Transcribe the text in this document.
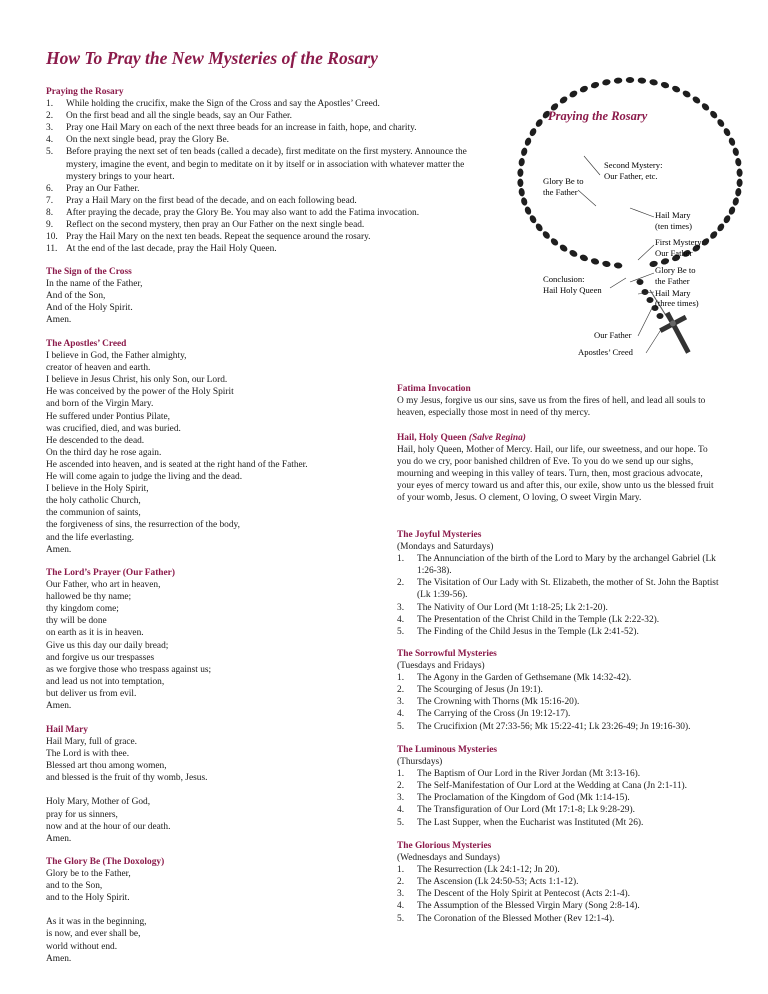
How To Pray the New Mysteries of the Rosary
Praying the Rosary
1. While holding the crucifix, make the Sign of the Cross and say the Apostles’ Creed.
2. On the first bead and all the single beads, say an Our Father.
3. Pray one Hail Mary on each of the next three beads for an increase in faith, hope, and charity.
4. On the next single bead, pray the Glory Be.
5. Before praying the next set of ten beads (called a decade), first meditate on the first mystery. Announce the mystery, imagine the event, and begin to meditate on it by itself or in association with whatever matter the mystery brings to your heart.
6. Pray an Our Father.
7. Pray a Hail Mary on the first bead of the decade, and on each following bead.
8. After praying the decade, pray the Glory Be. You may also want to add the Fatima invocation.
9. Reflect on the second mystery, then pray an Our Father on the next single bead.
10. Pray the Hail Mary on the next ten beads. Repeat the sequence around the rosary.
11. At the end of the last decade, pray the Hail Holy Queen.
Praying the Rosary
Second Mystery:
Our Father, etc.
Glory Be to
the Father
Hail Mary
(ten times)
First Mystery:
Our Father
Glory Be to
the Father
Hail Mary
(three times)
Conclusion:
Hail Holy Queen
Our Father
Apostles’ Creed
The Sign of the Cross
In the name of the Father,
And of the Son,
And of the Holy Spirit.
Amen.
The Apostles’ Creed
I believe in God, the Father almighty,
creator of heaven and earth.
I believe in Jesus Christ, his only Son, our Lord.
He was conceived by the power of the Holy Spirit
and born of the Virgin Mary.
He suffered under Pontius Pilate,
was crucified, died, and was buried.
He descended to the dead.
On the third day he rose again.
He ascended into heaven, and is seated at the right hand of the Father.
He will come again to judge the living and the dead.
I believe in the Holy Spirit,
the holy catholic Church,
the communion of saints,
the forgiveness of sins, the resurrection of the body,
and the life everlasting.
Amen.
The Lord’s Prayer (Our Father)
Our Father, who art in heaven,
hallowed be thy name;
thy kingdom come;
thy will be done
on earth as it is in heaven.
Give us this day our daily bread;
and forgive us our trespasses
as we forgive those who trespass against us;
and lead us not into temptation,
but deliver us from evil.
Amen.
Hail Mary
Hail Mary, full of grace.
The Lord is with thee.
Blessed art thou among women,
and blessed is the fruit of thy womb, Jesus.
Holy Mary, Mother of God,
pray for us sinners,
now and at the hour of our death.
Amen.
The Glory Be (The Doxology)
Glory be to the Father,
and to the Son,
and to the Holy Spirit.
As it was in the beginning,
is now, and ever shall be,
world without end.
Amen.
Fatima Invocation
O my Jesus, forgive us our sins, save us from the fires of hell, and lead all souls to heaven, especially those most in need of thy mercy.
Hail, Holy Queen (Salve Regina)
Hail, holy Queen, Mother of Mercy. Hail, our life, our sweetness, and our hope. To you do we cry, poor banished children of Eve. To you do we send up our sighs, mourning and weeping in this valley of tears. Turn, then, most gracious advocate, your eyes of mercy toward us and after this, our exile, show unto us the blessed fruit of your womb, Jesus. O clement, O loving, O sweet Virgin Mary.
The Joyful Mysteries
(Mondays and Saturdays)
1. The Annunciation of the birth of the Lord to Mary by the archangel Gabriel (Lk 1:26-38).
2. The Visitation of Our Lady with St. Elizabeth, the mother of St. John the Baptist (Lk 1:39-56).
3. The Nativity of Our Lord (Mt 1:18-25; Lk 2:1-20).
4. The Presentation of the Christ Child in the Temple (Lk 2:22-32).
5. The Finding of the Child Jesus in the Temple (Lk 2:41-52).
The Sorrowful Mysteries
(Tuesdays and Fridays)
1. The Agony in the Garden of Gethsemane (Mk 14:32-42).
2. The Scourging of Jesus (Jn 19:1).
3. The Crowning with Thorns (Mk 15:16-20).
4. The Carrying of the Cross (Jn 19:12-17).
5. The Crucifixion (Mt 27:33-56; Mk 15:22-41; Lk 23:26-49; Jn 19:16-30).
The Luminous Mysteries
(Thursdays)
1. The Baptism of Our Lord in the River Jordan (Mt 3:13-16).
2. The Self-Manifestation of Our Lord at the Wedding at Cana (Jn 2:1-11).
3. The Proclamation of the Kingdom of God (Mk 1:14-15).
4. The Transfiguration of Our Lord (Mt 17:1-8; Lk 9:28-29).
5. The Last Supper, when the Eucharist was Instituted (Mt 26).
The Glorious Mysteries
(Wednesdays and Sundays)
1. The Resurrection (Lk 24:1-12; Jn 20).
2. The Ascension (Lk 24:50-53; Acts 1:1-12).
3. The Descent of the Holy Spirit at Pentecost (Acts 2:1-4).
4. The Assumption of the Blessed Virgin Mary (Song 2:8-14).
5. The Coronation of the Blessed Mother (Rev 12:1-4).
